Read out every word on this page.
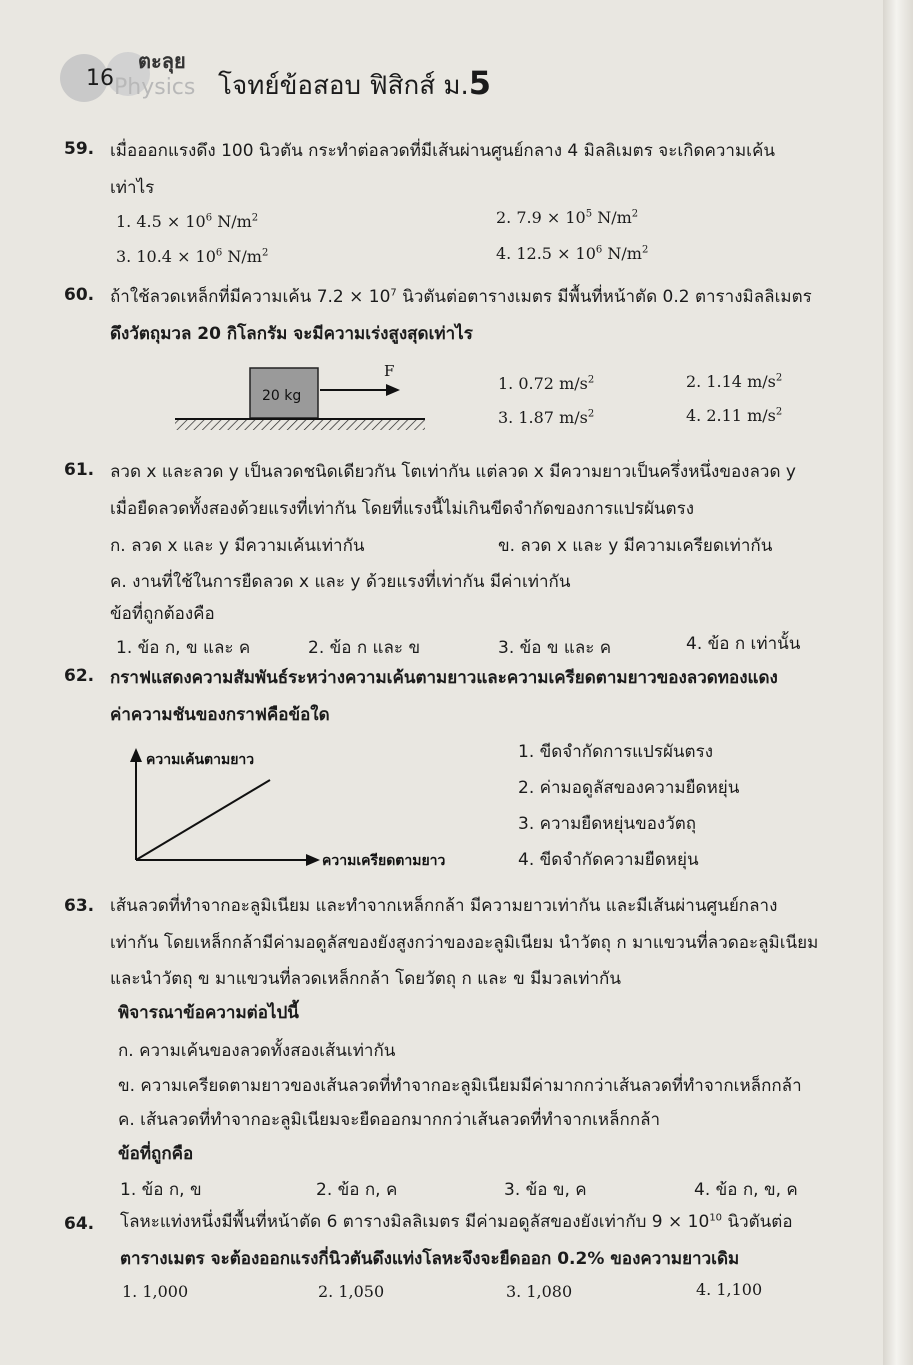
ตะลุย
Physics
16	โจทย์ข้อสอบ ฟิสิกส์ ม.5
59. เมื่อออกแรงดึง 100 นิวตัน กระทำต่อลวดที่มีเส้นผ่านศูนย์กลาง 4 มิลลิเมตร จะเกิดความเค้น
เท่าไร
1. $4.5 \times 10^6$ $N/m^2$	2. $7.9 \times 10^5$ $N/m^2$
3. $10.4 \times 10^6$ $N/m^2$	4. $12.5 \times 10^6$ $N/m^2$
60. ถ้าใช้ลวดเหล็กที่มีความเค้น $7.2 \times 10^7$ นิวตันต่อตารางเมตร มีพื้นที่หน้าตัด 0.2 ตารางมิลลิเมตร
ดึงวัตถุมวล 20 กิโลกรัม จะมีความเร่งสูงสุดเท่าไร
20 kg
F
1. 0.72 $m/s^2$	2. 1.14 $m/s^2$
3. 1.87 $m/s^2$	4. 2.11 $m/s^2$
61. ลวด x และลวด y เป็นลวดชนิดเดียวกัน โตเท่ากัน แต่ลวด x มีความยาวเป็นครึ่งหนึ่งของลวด y
เมื่อยืดลวดทั้งสองด้วยแรงที่เท่ากัน โดยที่แรงนี้ไม่เกินขีดจำกัดของการแปรผันตรง
ก. ลวด x และ y มีความเค้นเท่ากัน	ข. ลวด x และ y มีความเครียดเท่ากัน
ค. งานที่ใช้ในการยืดลวด x และ y ด้วยแรงที่เท่ากัน มีค่าเท่ากัน
ข้อที่ถูกต้องคือ
1. ข้อ ก, ข และ ค	2. ข้อ ก และ ข	3. ข้อ ข และ ค	4. ข้อ ก เท่านั้น
62. กราฟแสดงความสัมพันธ์ระหว่างความเค้นตามยาวและความเครียดตามยาวของลวดทองแดง
ค่าความชันของกราฟคือข้อใด
ความเค้นตามยาว
ความเครียดตามยาว
1. ขีดจำกัดการแปรผันตรง
2. ค่ามอดูลัสของความยืดหยุ่น
3. ความยืดหยุ่นของวัตถุ
4. ขีดจำกัดความยืดหยุ่น
63. เส้นลวดที่ทำจากอะลูมิเนียม และทำจากเหล็กกล้า มีความยาวเท่ากัน และมีเส้นผ่านศูนย์กลาง
เท่ากัน โดยเหล็กกล้ามีค่ามอดูลัสของยังสูงกว่าของอะลูมิเนียม นำวัตถุ ก มาแขวนที่ลวดอะลูมิเนียม
และนำวัตถุ ข มาแขวนที่ลวดเหล็กกล้า โดยวัตถุ ก และ ข มีมวลเท่ากัน
พิจารณาข้อความต่อไปนี้
ก. ความเค้นของลวดทั้งสองเส้นเท่ากัน
ข. ความเครียดตามยาวของเส้นลวดที่ทำจากอะลูมิเนียมมีค่ามากกว่าเส้นลวดที่ทำจากเหล็กกล้า
ค. เส้นลวดที่ทำจากอะลูมิเนียมจะยืดออกมากกว่าเส้นลวดที่ทำจากเหล็กกล้า
ข้อที่ถูกคือ
1. ข้อ ก, ข	2. ข้อ ก, ค	3. ข้อ ข, ค	4. ข้อ ก, ข, ค
64. โลหะแท่งหนึ่งมีพื้นที่หน้าตัด 6 ตารางมิลลิเมตร มีค่ามอดูลัสของยังเท่ากับ $9 \times 10^{10}$ นิวตันต่อ
ตารางเมตร จะต้องออกแรงกี่นิวตันดึงแท่งโลหะจึงจะยืดออก 0.2% ของความยาวเดิม
1. 1,000	2. 1,050	3. 1,080	4. 1,100
